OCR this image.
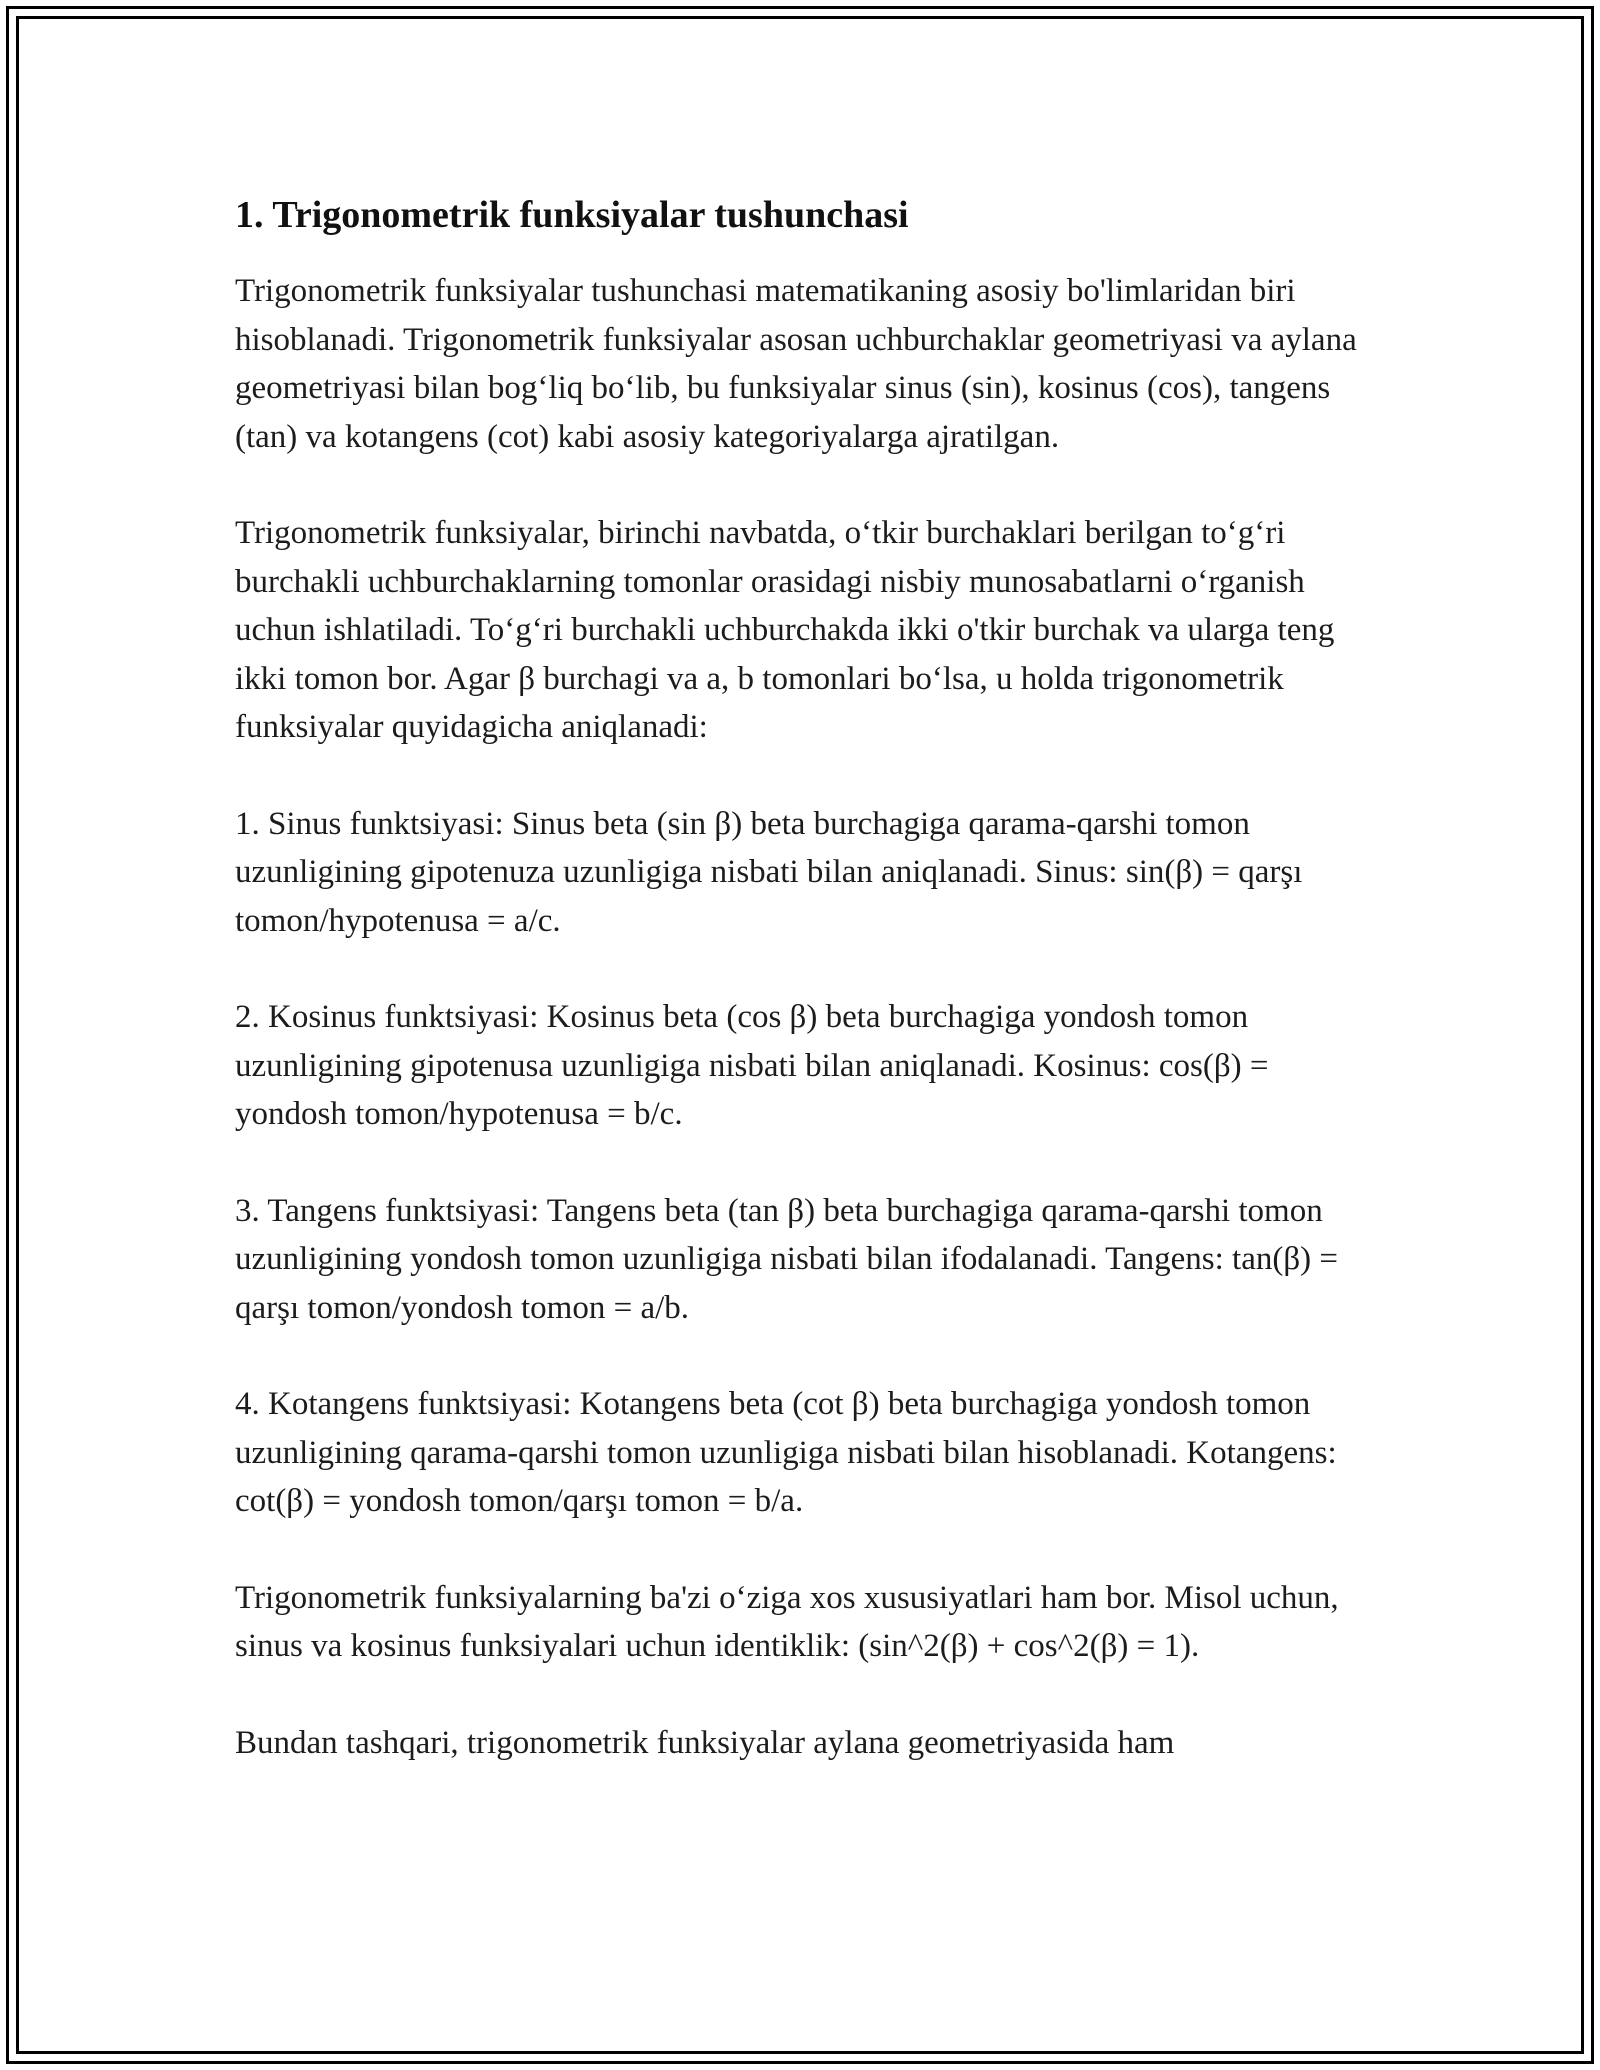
1. Trigonometrik funksiyalar tushunchasi

Trigonometrik funksiyalar tushunchasi matematikaning asosiy bo'limlaridan biri hisoblanadi. Trigonometrik funksiyalar asosan uchburchaklar geometriyasi va aylana geometriyasi bilan bog‘liq bo‘lib, bu funksiyalar sinus (sin), kosinus (cos), tangens (tan) va kotangens (cot) kabi asosiy kategoriyalarga ajratilgan.

Trigonometrik funksiyalar, birinchi navbatda, o‘tkir burchaklari berilgan to‘g‘ri burchakli uchburchaklarning tomonlar orasidagi nisbiy munosabatlarni o‘rganish uchun ishlatiladi. To‘g‘ri burchakli uchburchakda ikki o'tkir burchak va ularga teng ikki tomon bor. Agar β burchagi va a, b tomonlari bo‘lsa, u holda trigonometrik funksiyalar quyidagicha aniqlanadi:

1. Sinus funktsiyasi: Sinus beta (sin β) beta burchagiga qarama-qarshi tomon uzunligining gipotenuza uzunligiga nisbati bilan aniqlanadi. Sinus: sin(β) = qarşı tomon/hypotenusa = a/c.

2. Kosinus funktsiyasi: Kosinus beta (cos β) beta burchagiga yondosh tomon uzunligining gipotenusa uzunligiga nisbati bilan aniqlanadi. Kosinus: cos(β) = yondosh tomon/hypotenusa = b/c.

3. Tangens funktsiyasi: Tangens beta (tan β) beta burchagiga qarama-qarshi tomon uzunligining yondosh tomon uzunligiga nisbati bilan ifodalanadi. Tangens: tan(β) = qarşı tomon/yondosh tomon = a/b.

4. Kotangens funktsiyasi: Kotangens beta (cot β) beta burchagiga yondosh tomon uzunligining qarama-qarshi tomon uzunligiga nisbati bilan hisoblanadi. Kotangens: cot(β) = yondosh tomon/qarşı tomon = b/a.

Trigonometrik funksiyalarning ba'zi o‘ziga xos xususiyatlari ham bor. Misol uchun, sinus va kosinus funksiyalari uchun identiklik: (sin^2(β) + cos^2(β) = 1).

Bundan tashqari, trigonometrik funksiyalar aylana geometriyasida ham
